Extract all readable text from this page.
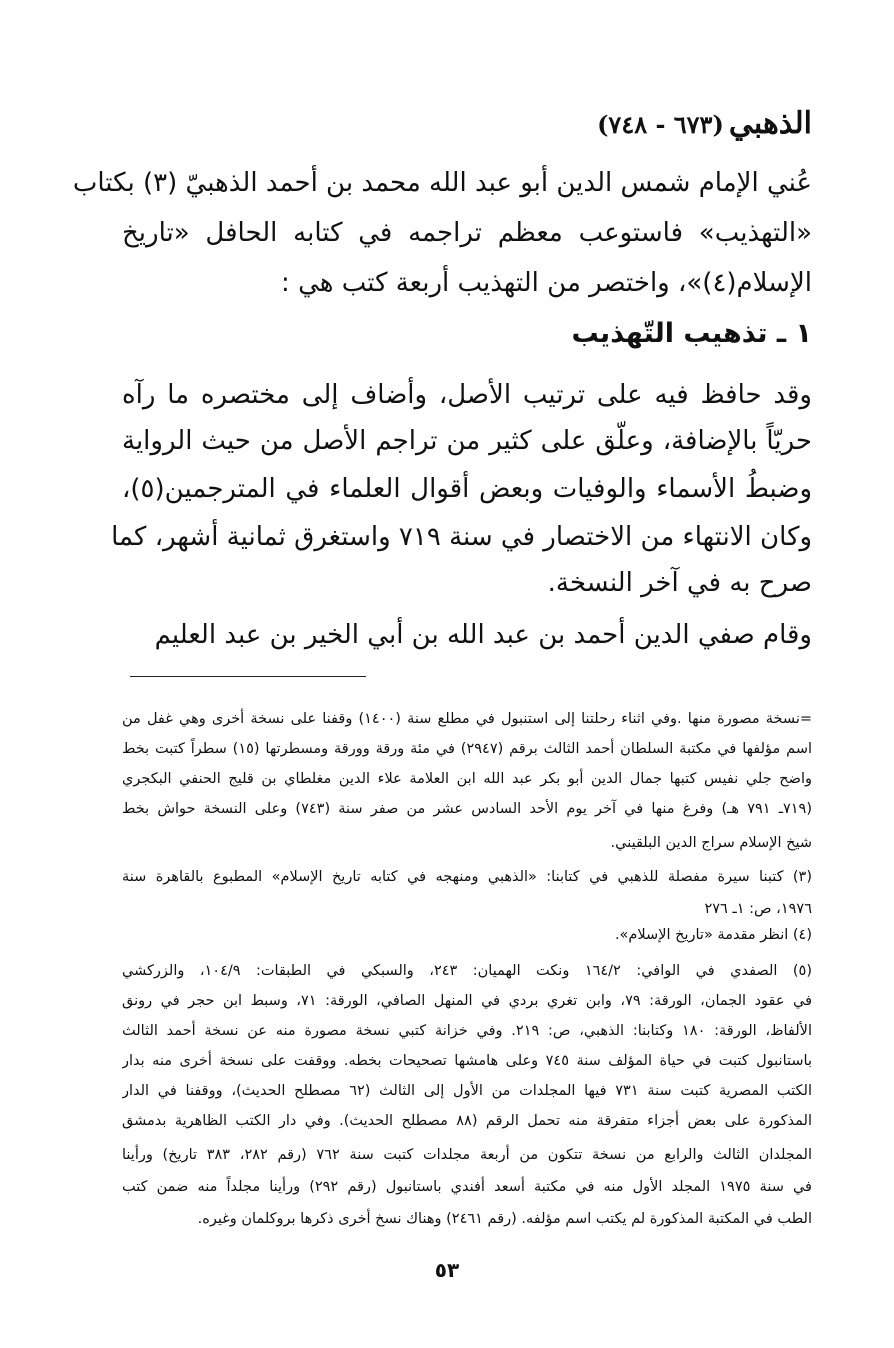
الذهبي (٦٧٣ - ٧٤٨)
عُني الإمام شمس الدين أبو عبد الله محمد بن أحمد الذهبيّ (٣) بكتاب
«التهذيب» فاستوعب معظم تراجمه في كتابه الحافل «تاريخ
الإسلام(٤)»، واختصر من التهذيب أربعة كتب هي :
١ ـ تذهيب التّهذيب
وقد حافظ فيه على ترتيب الأصل، وأضاف إلى مختصره ما رآه
حريّاً بالإضافة، وعلّق على كثير من تراجم الأصل من حيث الرواية
وضبطُ الأسماء والوفيات وبعض أقوال العلماء في المترجمين(٥)،
وكان الانتهاء من الاختصار في سنة ٧١٩ واستغرق ثمانية أشهر، كما
صرح به في آخر النسخة.
وقام صفي الدين أحمد بن عبد الله بن أبي الخير بن عبد العليم
=نسخة مصورة منها .وفي اثناء رحلتنا إلى استنبول في مطلع سنة (١٤٠٠) وقفنا على نسخة أخرى وهي غفل من
اسم مؤلفها في مكتبة السلطان أحمد الثالث برقم (٢٩٤٧) في مئة ورقة وورقة ومسطرتها (١٥) سطراً كتبت بخط
واضح جلي نفيس كتبها جمال الدين أبو بكر عبد الله ابن العلامة علاء الدين مغلطاي بن قليج الحنفي البكجري
(٧١٩ـ ٧٩١ هـ) وفرغ منها في آخر يوم الأحد السادس عشر من صفر سنة (٧٤٣) وعلى النسخة حواش بخط
شيخ الإسلام سراج الدين البلقيني.
(٣) كتبنا سيرة مفصلة للذهبي في كتابنا: «الذهبي ومنهجه في كتابه تاريخ الإسلام» المطبوع بالقاهرة سنة
١٩٧٦، ص: ١ـ ٢٧٦
(٤) انظر مقدمة «تاريخ الإسلام».
(٥) الصفدي في الوافي: ١٦٤/٢ ونكت الهميان: ٢٤٣، والسبكي في الطبقات: ١٠٤/٩، والزركشي
في عقود الجمان، الورقة: ٧٩، وابن تغري بردي في المنهل الصافي، الورقة: ٧١، وسبط ابن حجر في رونق
الألفاظ، الورقة: ١٨٠ وكتابنا: الذهبي، ص: ٢١٩. وفي خزانة كتبي نسخة مصورة منه عن نسخة أحمد الثالث
باستانبول كتبت في حياة المؤلف سنة ٧٤٥ وعلى هامشها تصحيحات بخطه. ووقفت على نسخة أخرى منه بدار
الكتب المصرية كتبت سنة ٧٣١ فيها المجلدات من الأول إلى الثالث (٦٢ مصطلح الحديث)، ووقفنا في الدار
المذكورة على بعض أجزاء متفرقة منه تحمل الرقم (٨٨ مصطلح الحديث). وفي دار الكتب الظاهرية بدمشق
المجلدان الثالث والرابع من نسخة تتكون من أربعة مجلدات كتبت سنة ٧٦٢ (رقم ٢٨٢، ٣٨٣ تاريخ) ورأينا
في سنة ١٩٧٥ المجلد الأول منه في مكتبة أسعد أفندي باستانبول (رقم ٢٩٢) ورأينا مجلداً منه ضمن كتب
الطب في المكتبة المذكورة لم يكتب اسم مؤلفه. (رقم ٢٤٦١) وهناك نسخ أخرى ذكرها بروكلمان وغيره.
٥٣
